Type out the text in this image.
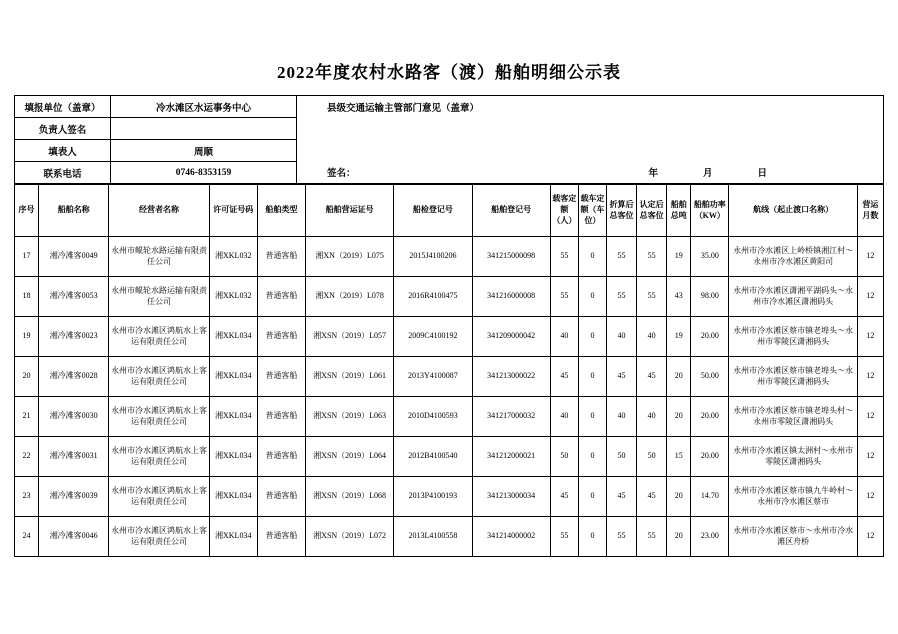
2022年度农村水路客（渡）船舶明细公示表
填报单位（盖章）	冷水滩区水运事务中心
负责人签名	
填表人	周顺
联系电话	0746-8353159
县级交通运输主管部门意见（盖章）
签名：	年	月	日
序号	船舶名称	经营者名称	许可证号码	船舶类型	船舶营运证号	船检登记号	船舶登记号	载客定额（人）	载车定额（车位）	折算后总客位	认定后总客位	船舶总吨	船舶功率（KW）	航线（起止渡口名称）	营运月数
17	湘冷滩客0049	永州市鲲轮水路运输有限责任公司	湘XKL032	普通客船	湘XN（2019）L075	2015J4100206	341215000098	55	0	55	55	19	35.00	永州市冷水滩区上岭桥镇湘江村～永州市冷水滩区黄阳司	12
18	湘冷滩客0053	永州市鲲轮水路运输有限责任公司	湘XKL032	普通客船	湘XN（2019）L078	2016R4100475	341216000008	55	0	55	55	43	98.00	永州市冷水滩区潇湘平湖码头～永州市冷水滩区潇湘码头	12
19	湘冷滩客0023	永州市冷水滩区鸿航水上客运有限责任公司	湘XKL034	普通客船	湘XSN（2019）L057	2009C4100192	341209000042	40	0	40	40	19	20.00	永州市冷水滩区蔡市镇老埠头～永州市零陵区潇湘码头	12
20	湘冷滩客0028	永州市冷水滩区鸿航水上客运有限责任公司	湘XKL034	普通客船	湘XSN（2019）L061	2013Y4100087	341213000022	45	0	45	45	20	50.00	永州市冷水滩区蔡市镇老埠头～永州市零陵区潇湘码头	12
21	湘冷滩客0030	永州市冷水滩区鸿航水上客运有限责任公司	湘XKL034	普通客船	湘XSN（2019）L063	2010D4100593	341217000032	40	0	40	40	20	20.00	永州市冷水滩区蔡市镇老埠头村～永州市零陵区潇湘码头	12
22	湘冷滩客0031	永州市冷水滩区鸿航水上客运有限责任公司	湘XKL034	普通客船	湘XSN（2019）L064	2012B4100540	341212000021	50	0	50	50	15	20.00	永州市冷水滩区镇太洲村～永州市零陵区潇湘码头	12
23	湘冷滩客0039	永州市冷水滩区鸿航水上客运有限责任公司	湘XKL034	普通客船	湘XSN（2019）L068	2013P4100193	341213000034	45	0	45	45	20	14.70	永州市冷水滩区蔡市镇九牛岭村～永州市冷水滩区蔡市	12
24	湘冷滩客0046	永州市冷水滩区鸿航水上客运有限责任公司	湘XKL034	普通客船	湘XSN（2019）L072	2013L4100558	341214000002	55	0	55	55	20	23.00	永州市冷水滩区蔡市～永州市冷水滩区舟桥	12
